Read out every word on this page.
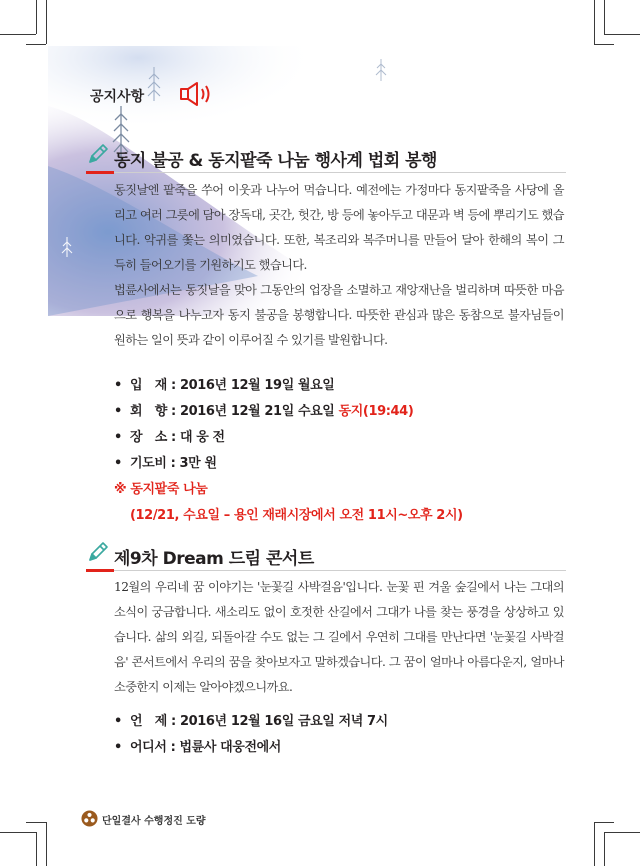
공지사항
동지 불공 & 동지팥죽 나눔 행사계 법회 봉행
동짓날엔 팥죽을 쑤어 이웃과 나누어 먹습니다. 예전에는 가정마다 동지팥죽을 사당에 올리고 여러 그릇에 담아 장독대, 곳간, 헛간, 방 등에 놓아두고 대문과 벽 등에 뿌리기도 했습니다. 악귀를 쫓는 의미였습니다. 또한, 복조리와 복주머니를 만들어 달아 한해의 복이 그득히 들어오기를 기원하기도 했습니다.
법륜사에서는 동짓날을 맞아 그동안의 업장을 소멸하고 재앙재난을 벌리하며 따뜻한 마음으로 행복을 나누고자 동지 불공을 봉행합니다. 따뜻한 관심과 많은 동참으로 불자님들이 원하는 일이 뜻과 같이 이루어질 수 있기를 발원합니다.
• 입　재 : 2016년 12월 19일 월요일
• 회　향 : 2016년 12월 21일 수요일 동지(19:44)
• 장　소 : 대 웅 전
• 기도비 : 3만 원
※ 동지팥죽 나눔
(12/21, 수요일 – 용인 재래시장에서 오전 11시~오후 2시)
제9차 Dream 드림 콘서트
12월의 우리네 꿈 이야기는 '눈꽃길 사박걸음'입니다. 눈꽃 핀 겨울 숲길에서 나는 그대의 소식이 궁금합니다. 새소리도 없이 호젓한 산길에서 그대가 나를 찾는 풍경을 상상하고 있습니다. 삶의 외길, 되돌아갈 수도 없는 그 길에서 우연히 그대를 만난다면 '눈꽃길 사박걸음' 콘서트에서 우리의 꿈을 찾아보자고 말하겠습니다. 그 꿈이 얼마나 아름다운지, 얼마나 소중한지 이제는 알아야겠으니까요.
• 언　제 : 2016년 12월 16일 금요일 저녁 7시
• 어디서 : 법륜사 대웅전에서
단일결사 수행정진 도량
